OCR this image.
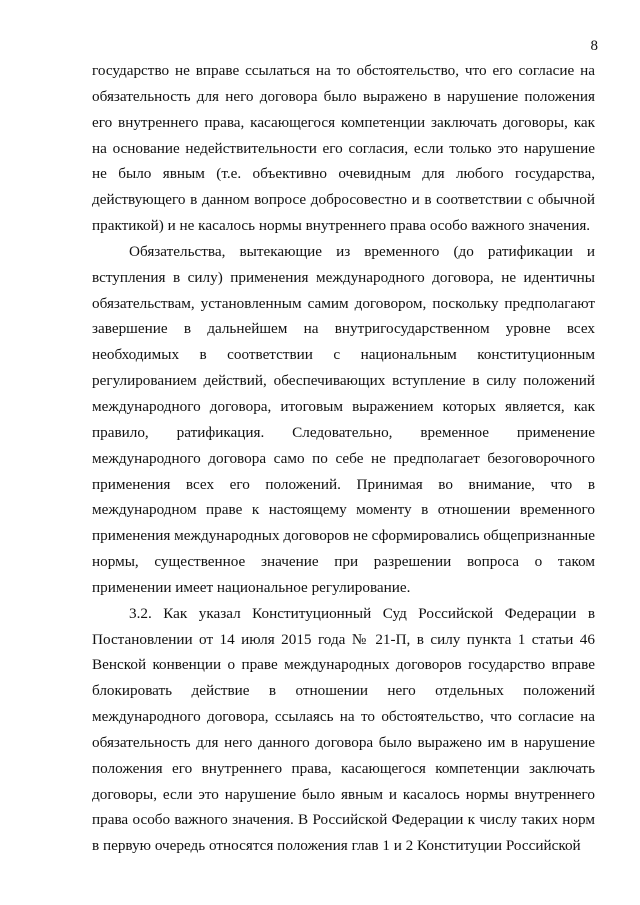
8

государство не вправе ссылаться на то обстоятельство, что его согласие на обязательность для него договора было выражено в нарушение положения его внутреннего права, касающегося компетенции заключать договоры, как на основание недействительности его согласия, если только это нарушение не было явным (т.е. объективно очевидным для любого государства, действующего в данном вопросе добросовестно и в соответствии с обычной практикой) и не касалось нормы внутреннего права особо важного значения.

Обязательства, вытекающие из временного (до ратификации и вступления в силу) применения международного договора, не идентичны обязательствам, установленным самим договором, поскольку предполагают завершение в дальнейшем на внутригосударственном уровне всех необходимых в соответствии с национальным конституционным регулированием действий, обеспечивающих вступление в силу положений международного договора, итоговым выражением которых является, как правило, ратификация. Следовательно, временное применение международного договора само по себе не предполагает безоговорочного применения всех его положений. Принимая во внимание, что в международном праве к настоящему моменту в отношении временного применения международных договоров не сформировались общепризнанные нормы, существенное значение при разрешении вопроса о таком применении имеет национальное регулирование.

3.2. Как указал Конституционный Суд Российской Федерации в Постановлении от 14 июля 2015 года № 21-П, в силу пункта 1 статьи 46 Венской конвенции о праве международных договоров государство вправе блокировать действие в отношении него отдельных положений международного договора, ссылаясь на то обстоятельство, что согласие на обязательность для него данного договора было выражено им в нарушение положения его внутреннего права, касающегося компетенции заключать договоры, если это нарушение было явным и касалось нормы внутреннего права особо важного значения. В Российской Федерации к числу таких норм в первую очередь относятся положения глав 1 и 2 Конституции Российской
